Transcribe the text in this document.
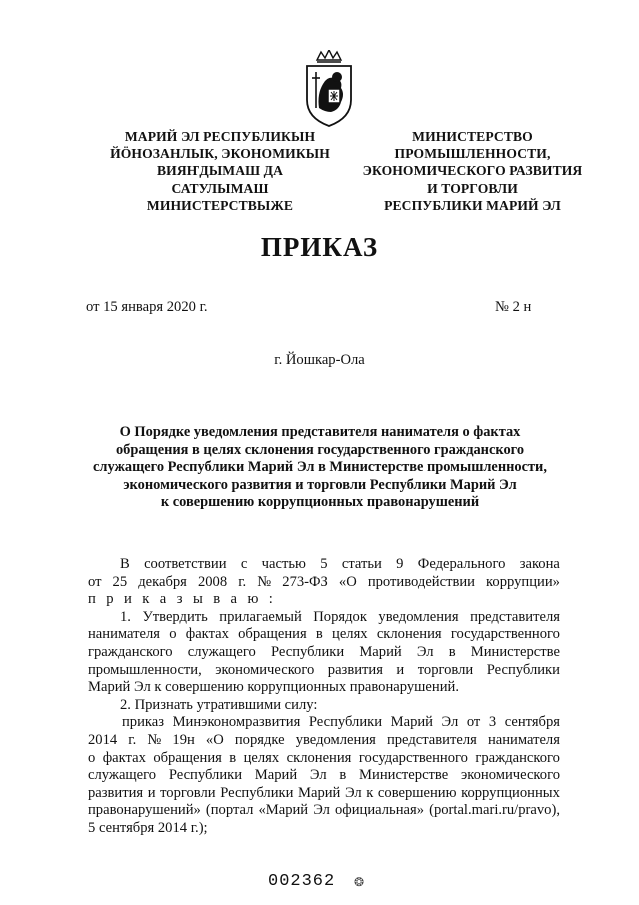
МАРИЙ ЭЛ РЕСПУБЛИКЫН
ЙӦНОЗАНЛЫК, ЭКОНОМИКЫН
ВИЯҤДЫМАШ ДА
САТУЛЫМАШ
МИНИСТЕРСТВЫЖЕ
МИНИСТЕРСТВО
ПРОМЫШЛЕННОСТИ,
ЭКОНОМИЧЕСКОГО РАЗВИТИЯ
И ТОРГОВЛИ
РЕСПУБЛИКИ МАРИЙ ЭЛ
ПРИКАЗ
от 15 января 2020 г.	№ 2 н
г. Йошкар-Ола
О Порядке уведомления представителя нанимателя о фактах
обращения в целях склонения государственного гражданского
служащего Республики Марий Эл в Министерстве промышленности,
экономического развития и торговли Республики Марий Эл
к совершению коррупционных правонарушений
В соответствии с частью 5 статьи 9 Федерального закона
от 25 декабря 2008 г. № 273-ФЗ «О противодействии коррупции»
п р и к а з ы в а ю :
1. Утвердить прилагаемый Порядок уведомления представителя
нанимателя о фактах обращения в целях склонения государственного
гражданского служащего Республики Марий Эл в Министерстве
промышленности, экономического развития и торговли Республики
Марий Эл к совершению коррупционных правонарушений.
2. Признать утратившими силу:
приказ Минэкономразвития Республики Марий Эл от 3 сентября
2014 г. № 19н «О порядке уведомления представителя нанимателя
о фактах обращения в целях склонения государственного гражданского
служащего Республики Марий Эл в Министерстве экономического
развития и торговли Республики Марий Эл к совершению коррупционных
правонарушений» (портал «Марий Эл официальная» (portal.mari.ru/pravo),
5 сентября 2014 г.);
002362 ❂
